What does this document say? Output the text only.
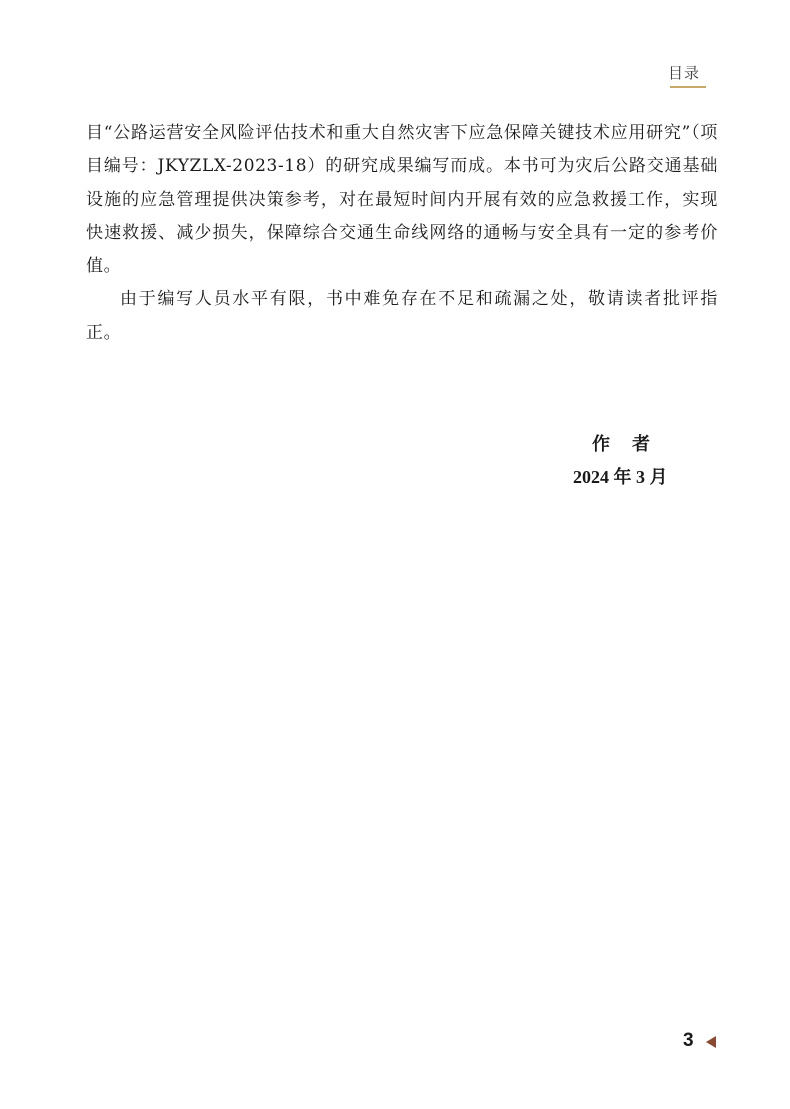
目录

目“公路运营安全风险评估技术和重大自然灾害下应急保障关键技术应用研究”（项目编号：JKYZLX-2023-18）的研究成果编写而成。本书可为灾后公路交通基础设施的应急管理提供决策参考，对在最短时间内开展有效的应急救援工作，实现快速救援、减少损失，保障综合交通生命线网络的通畅与安全具有一定的参考价值。

由于编写人员水平有限，书中难免存在不足和疏漏之处，敬请读者批评指正。

作者
2024 年 3 月
3
